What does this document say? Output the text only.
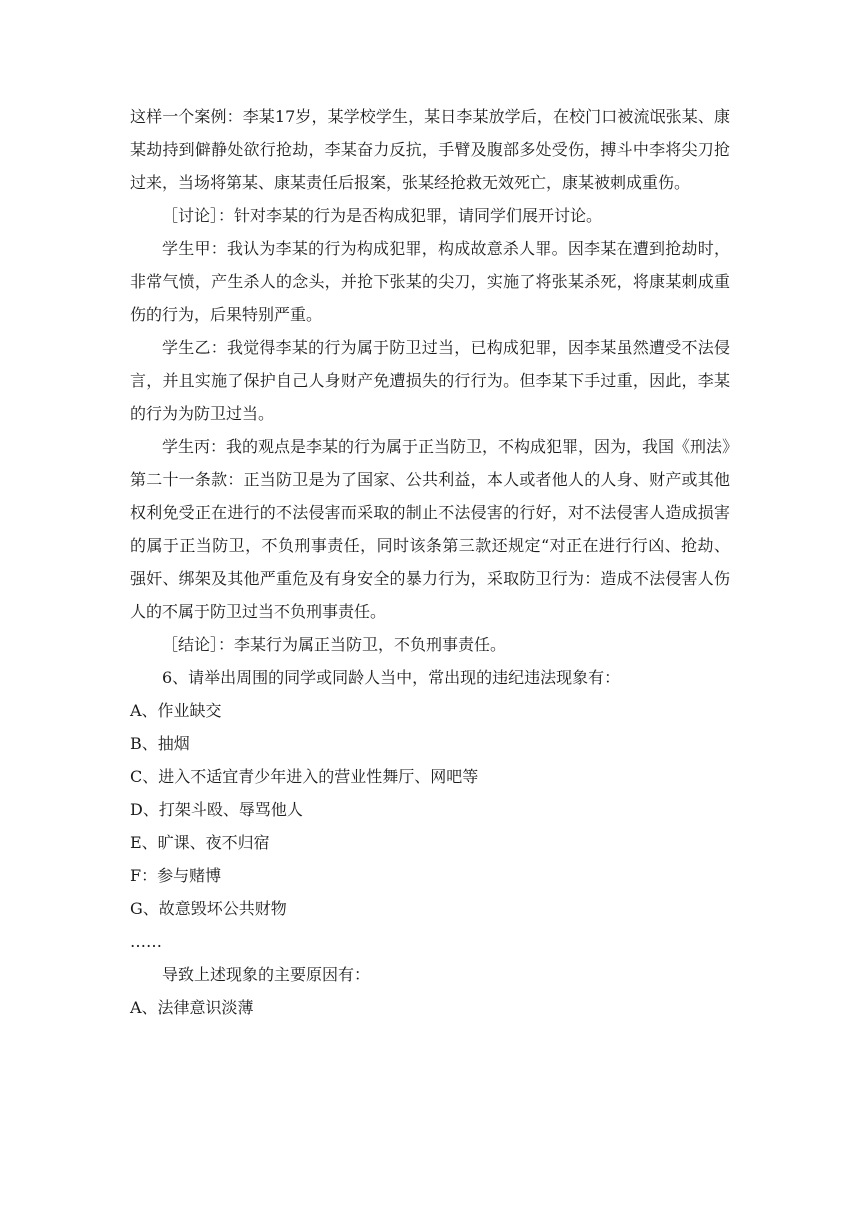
这样一个案例：李某17岁，某学校学生，某日李某放学后，在校门口被流氓张某、康某劫持到僻静处欲行抢劫，李某奋力反抗，手臂及腹部多处受伤，搏斗中李将尖刀抢过来，当场将第某、康某责任后报案，张某经抢救无效死亡，康某被刺成重伤。

［讨论］：针对李某的行为是否构成犯罪，请同学们展开讨论。

学生甲：我认为李某的行为构成犯罪，构成故意杀人罪。因李某在遭到抢劫时，非常气愤，产生杀人的念头，并抢下张某的尖刀，实施了将张某杀死，将康某刺成重伤的行为，后果特别严重。

学生乙：我觉得李某的行为属于防卫过当，已构成犯罪，因李某虽然遭受不法侵言，并且实施了保护自己人身财产免遭损失的行行为。但李某下手过重，因此，李某的行为为防卫过当。

学生丙：我的观点是李某的行为属于正当防卫，不构成犯罪，因为，我国《刑法》第二十一条款：正当防卫是为了国家、公共利益，本人或者他人的人身、财产或其他权利免受正在进行的不法侵害而采取的制止不法侵害的行好，对不法侵害人造成损害的属于正当防卫，不负刑事责任，同时该条第三款还规定“对正在进行行凶、抢劫、强奸、绑架及其他严重危及有身安全的暴力行为，采取防卫行为：造成不法侵害人伤人的不属于防卫过当不负刑事责任。

［结论］：李某行为属正当防卫，不负刑事责任。

6、请举出周围的同学或同龄人当中，常出现的违纪违法现象有：

A、作业缺交

B、抽烟

C、进入不适宜青少年进入的营业性舞厅、网吧等

D、打架斗殴、辱骂他人

E、旷课、夜不归宿

F：参与赌博

G、故意毁坏公共财物

……

导致上述现象的主要原因有：

A、法律意识淡薄
